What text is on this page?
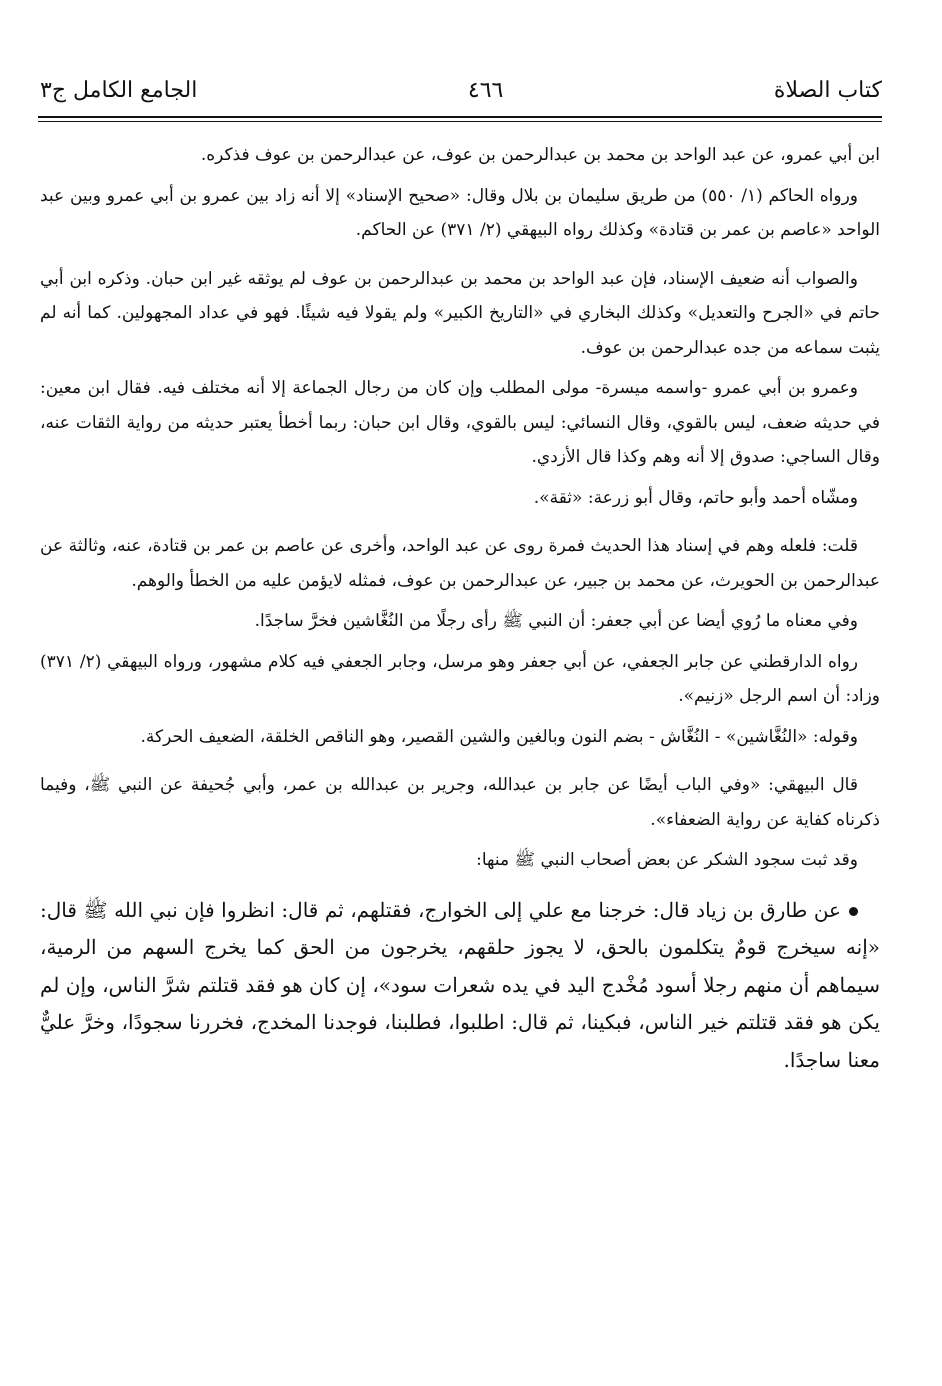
كتاب الصلاة
٤٦٦
الجامع الكامل ج٣

ابن أبي عمرو، عن عبد الواحد بن محمد بن عبدالرحمن بن عوف، عن عبدالرحمن بن عوف فذكره.

ورواه الحاكم (١/ ٥٥٠) من طريق سليمان بن بلال وقال: «صحيح الإسناد» إلا أنه زاد بين عمرو بن أبي عمرو وبين عبد الواحد «عاصم بن عمر بن قتادة» وكذلك رواه البيهقي (٢/ ٣٧١) عن الحاكم.

والصواب أنه ضعيف الإسناد، فإن عبد الواحد بن محمد بن عبدالرحمن بن عوف لم يوثقه غير ابن حبان. وذكره ابن أبي حاتم في «الجرح والتعديل» وكذلك البخاري في «التاريخ الكبير» ولم يقولا فيه شيئًا. فهو في عداد المجهولين. كما أنه لم يثبت سماعه من جده عبدالرحمن بن عوف.

وعمرو بن أبي عمرو -واسمه ميسرة- مولى المطلب وإن كان من رجال الجماعة إلا أنه مختلف فيه. فقال ابن معين: في حديثه ضعف، ليس بالقوي، وقال النسائي: ليس بالقوي، وقال ابن حبان: ربما أخطأ يعتبر حديثه من رواية الثقات عنه، وقال الساجي: صدوق إلا أنه وهم وكذا قال الأزدي.

ومشّاه أحمد وأبو حاتم، وقال أبو زرعة: «ثقة».

قلت: فلعله وهم في إسناد هذا الحديث فمرة روى عن عبد الواحد، وأخرى عن عاصم بن عمر بن قتادة، عنه، وثالثة عن عبدالرحمن بن الحويرث، عن محمد بن جبير، عن عبدالرحمن بن عوف، فمثله لايؤمن عليه من الخطأ والوهم.

وفي معناه ما رُوي أيضا عن أبي جعفر: أن النبي ﷺ رأى رجلًا من النُغَّاشين فخرَّ ساجدًا.

رواه الدارقطني عن جابر الجعفي، عن أبي جعفر وهو مرسل، وجابر الجعفي فيه كلام مشهور، ورواه البيهقي (٢/ ٣٧١) وزاد: أن اسم الرجل «زنيم».

وقوله: «النُغَّاشين» - النُغَّاش - بضم النون وبالغين والشين القصير، وهو الناقص الخلقة، الضعيف الحركة.

قال البيهقي: «وفي الباب أيضًا عن جابر بن عبدالله، وجرير بن عبدالله بن عمر، وأبي جُحيفة عن النبي ﷺ، وفيما ذكرناه كفاية عن رواية الضعفاء».

وقد ثبت سجود الشكر عن بعض أصحاب النبي ﷺ منها:

عن طارق بن زياد قال: خرجنا مع علي إلى الخوارج، فقتلهم، ثم قال: انظروا فإن نبي الله ﷺ قال: «إنه سيخرج قومٌ يتكلمون بالحق، لا يجوز حلقهم، يخرجون من الحق كما يخرج السهم من الرمية، سيماهم أن منهم رجلا أسود مُخْدج اليد في يده شعرات سود»، إن كان هو فقد قتلتم شرَّ الناس، وإن لم يكن هو فقد قتلتم خير الناس، فبكينا، ثم قال: اطلبوا، فطلبنا، فوجدنا المخدج، فخررنا سجودًا، وخرَّ عليٌّ معنا ساجدًا.
